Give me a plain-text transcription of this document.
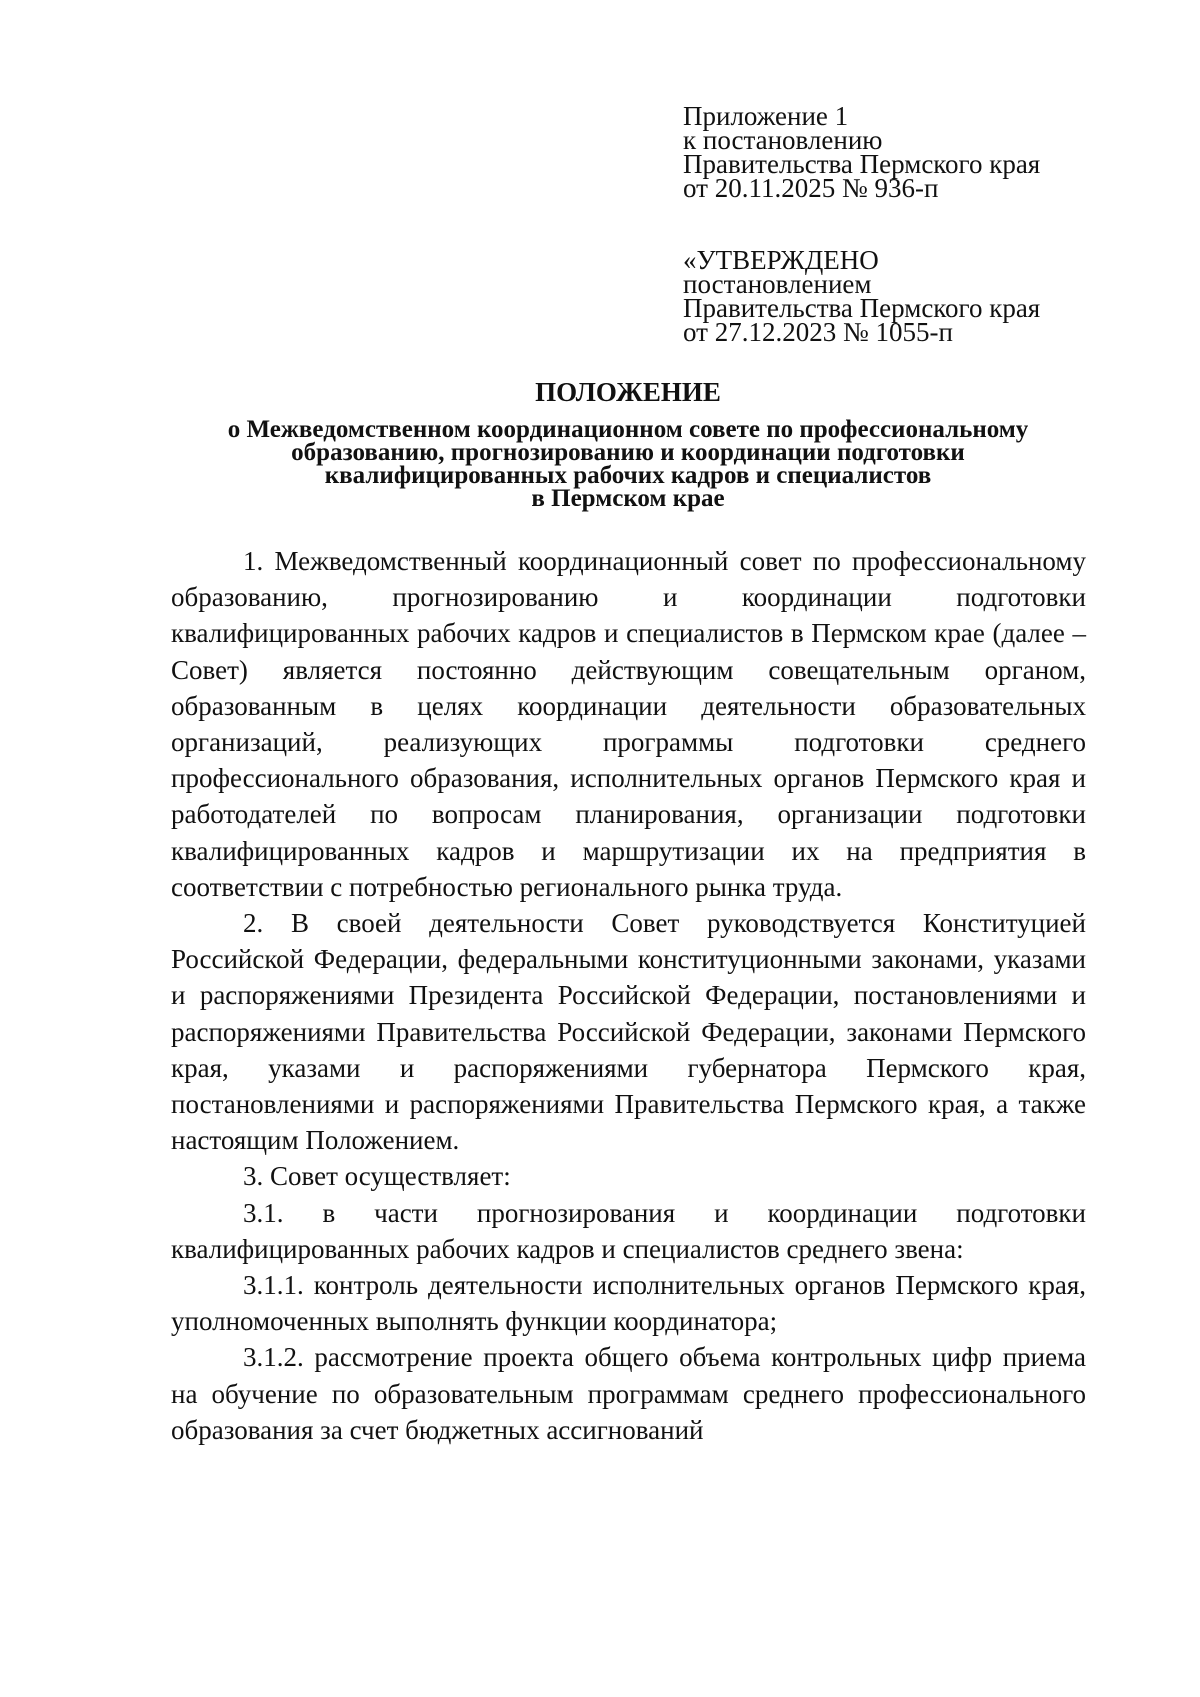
Приложение 1
к постановлению
Правительства Пермского края
от 20.11.2025 № 936-п
«УТВЕРЖДЕНО
постановлением
Правительства Пермского края
от 27.12.2023 № 1055-п
ПОЛОЖЕНИЕ
о Межведомственном координационном совете по профессиональному
образованию, прогнозированию и координации подготовки
квалифицированных рабочих кадров и специалистов
в Пермском крае

1. Межведомственный координационный совет по профессиональному образованию, прогнозированию и координации подготовки квалифицированных рабочих кадров и специалистов в Пермском крае (далее – Совет) является постоянно действующим совещательным органом, образованным в целях координации деятельности образовательных организаций, реализующих программы подготовки среднего профессионального образования, исполнительных органов Пермского края и работодателей по вопросам планирования, организации подготовки квалифицированных кадров и маршрутизации их на предприятия в соответствии с потребностью регионального рынка труда.

2. В своей деятельности Совет руководствуется Конституцией Российской Федерации, федеральными конституционными законами, указами и распоряжениями Президента Российской Федерации, постановлениями и распоряжениями Правительства Российской Федерации, законами Пермского края, указами и распоряжениями губернатора Пермского края, постановлениями и распоряжениями Правительства Пермского края, а также настоящим Положением.

3. Совет осуществляет:

3.1. в части прогнозирования и координации подготовки квалифицированных рабочих кадров и специалистов среднего звена:

3.1.1. контроль деятельности исполнительных органов Пермского края, уполномоченных выполнять функции координатора;

3.1.2. рассмотрение проекта общего объема контрольных цифр приема на обучение по образовательным программам среднего профессионального образования за счет бюджетных ассигнований
